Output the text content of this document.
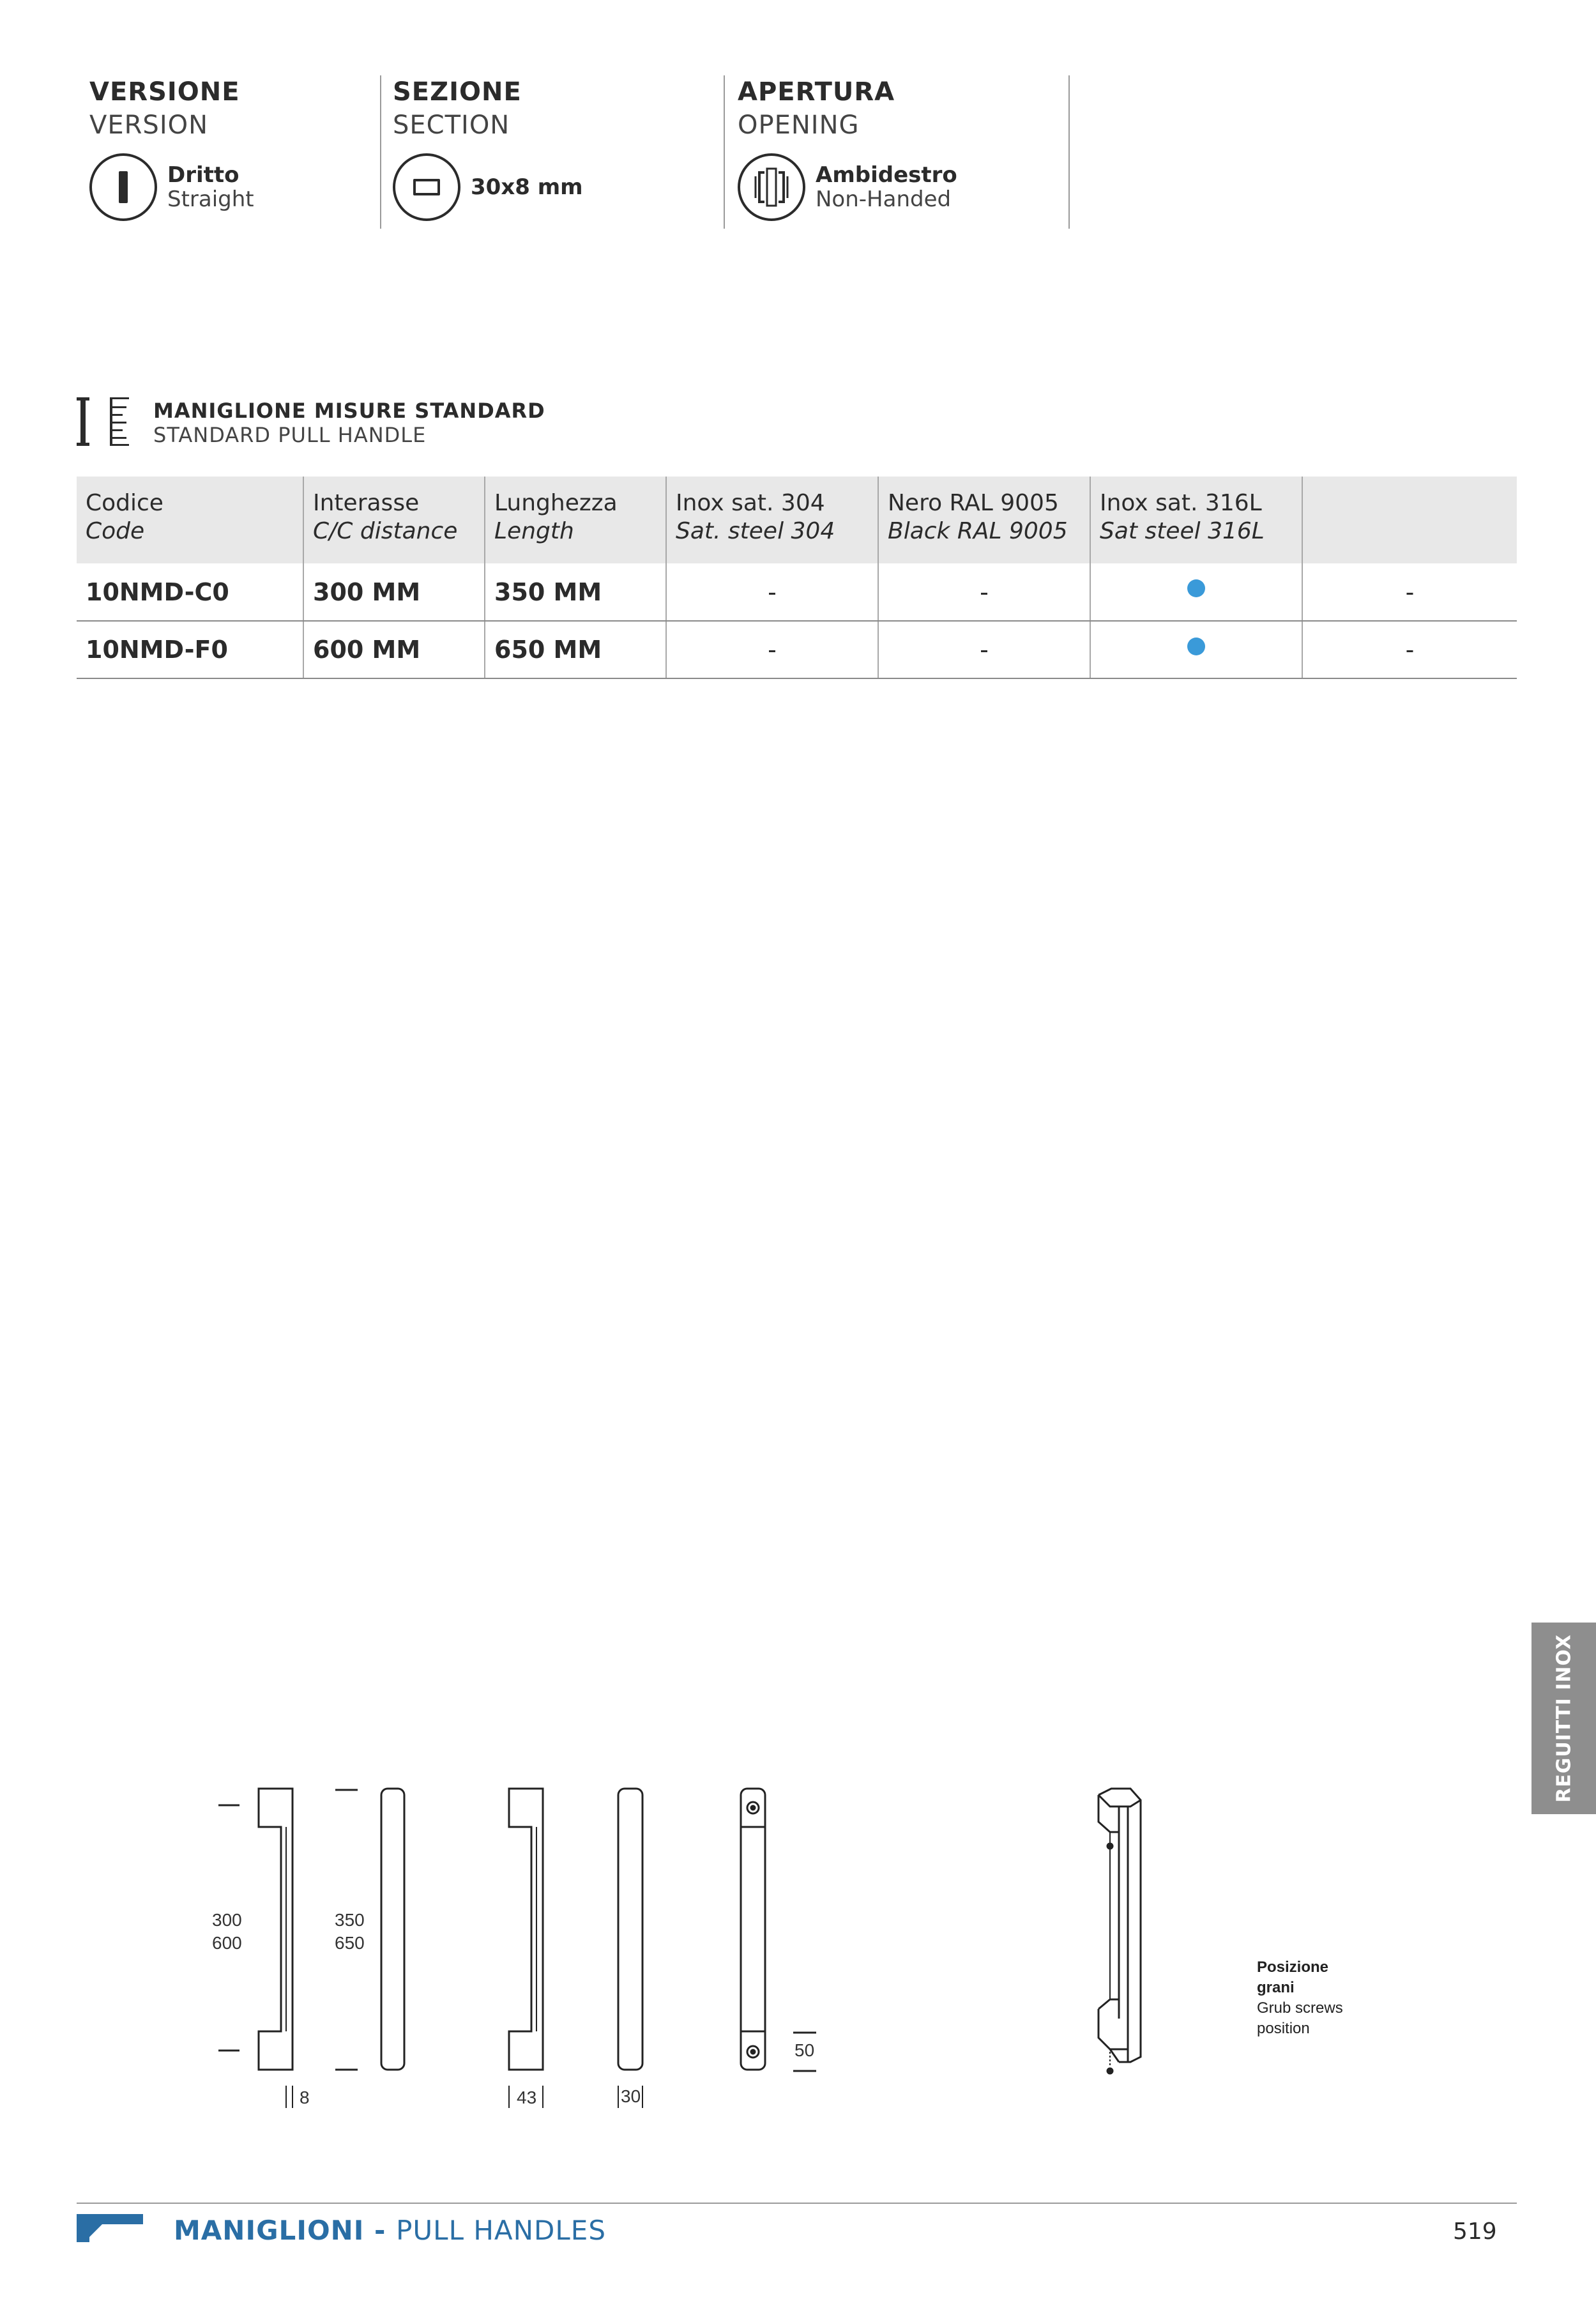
VERSIONE
VERSION
Dritto
Straight
SEZIONE
SECTION
30x8 mm
APERTURA
OPENING
Ambidestro
Non-Handed
MANIGLIONE MISURE STANDARD
STANDARD PULL HANDLE
Codice
Code	Interasse
C/C distance	Lunghezza
Length	Inox sat. 304
Sat. steel 304	Nero RAL 9005
Black RAL 9005	Inox sat. 316L
Sat steel 316L	

10NMD-C0	300 MM	350 MM	-	-		-
10NMD-F0	600 MM	650 MM	-	-		-
REGUITTI INOX
300
600
350
650
8	43	30
50
Posizione
grani
Grub screws
position
MANIGLIONI - PULL HANDLES	519
